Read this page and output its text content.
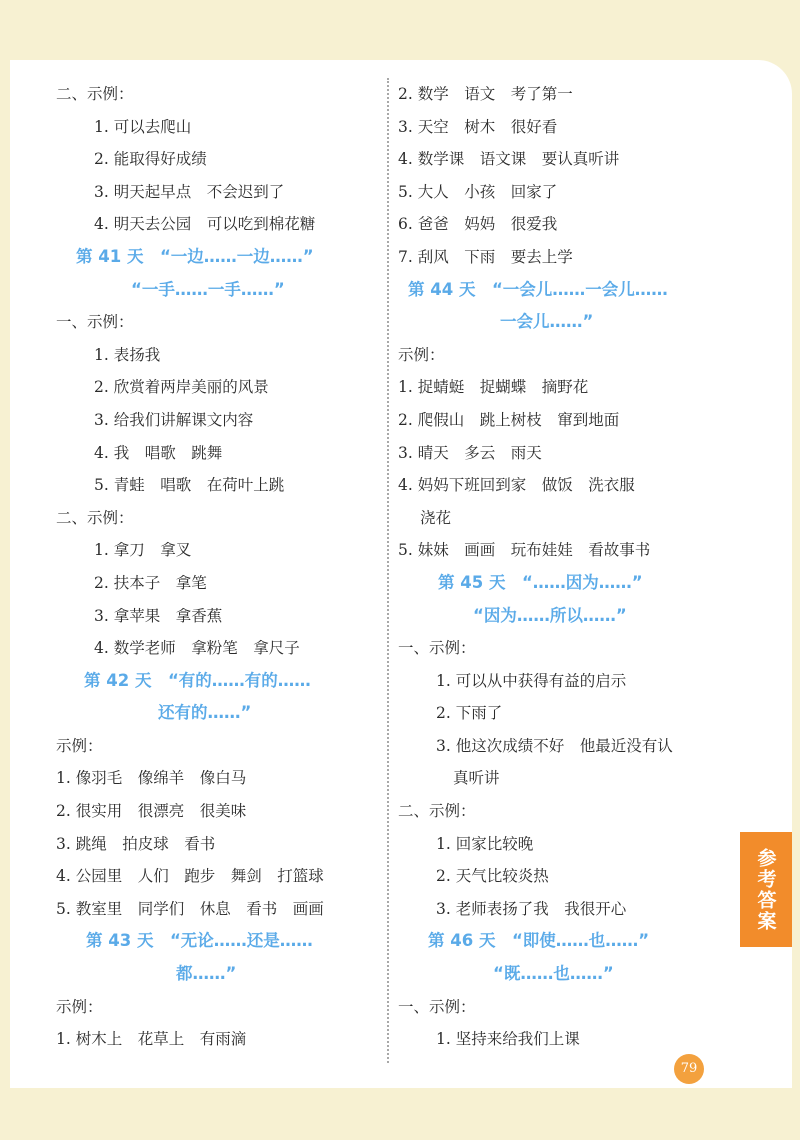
二、示例：
1. 可以去爬山
2. 能取得好成绩
3. 明天起早点　不会迟到了
4. 明天去公园　可以吃到棉花糖
第 41 天　“一边……一边……”
“一手……一手……”
一、示例：
1. 表扬我
2. 欣赏着两岸美丽的风景
3. 给我们讲解课文内容
4. 我　唱歌　跳舞
5. 青蛙　唱歌　在荷叶上跳
二、示例：
1. 拿刀　拿叉
2. 扶本子　拿笔
3. 拿苹果　拿香蕉
4. 数学老师　拿粉笔　拿尺子
第 42 天　“有的……有的……
还有的……”
示例：
1. 像羽毛　像绵羊　像白马
2. 很实用　很漂亮　很美味
3. 跳绳　拍皮球　看书
4. 公园里　人们　跑步　舞剑　打篮球
5. 教室里　同学们　休息　看书　画画
第 43 天　“无论……还是……
都……”
示例：
1. 树木上　花草上　有雨滴
2. 数学　语文　考了第一
3. 天空　树木　很好看
4. 数学课　语文课　要认真听讲
5. 大人　小孩　回家了
6. 爸爸　妈妈　很爱我
7. 刮风　下雨　要去上学
第 44 天　“一会儿……一会儿……
一会儿……”
示例：
1. 捉蜻蜓　捉蝴蝶　摘野花
2. 爬假山　跳上树枝　窜到地面
3. 晴天　多云　雨天
4. 妈妈下班回到家　做饭　洗衣服
浇花
5. 妹妹　画画　玩布娃娃　看故事书
第 45 天　“……因为……”
“因为……所以……”
一、示例：
1. 可以从中获得有益的启示
2. 下雨了
3. 他这次成绩不好　他最近没有认
真听讲
二、示例：
1. 回家比较晚
2. 天气比较炎热
3. 老师表扬了我　我很开心
第 46 天　“即使……也……”
“既……也……”
一、示例：
1. 坚持来给我们上课
参考答案
79
